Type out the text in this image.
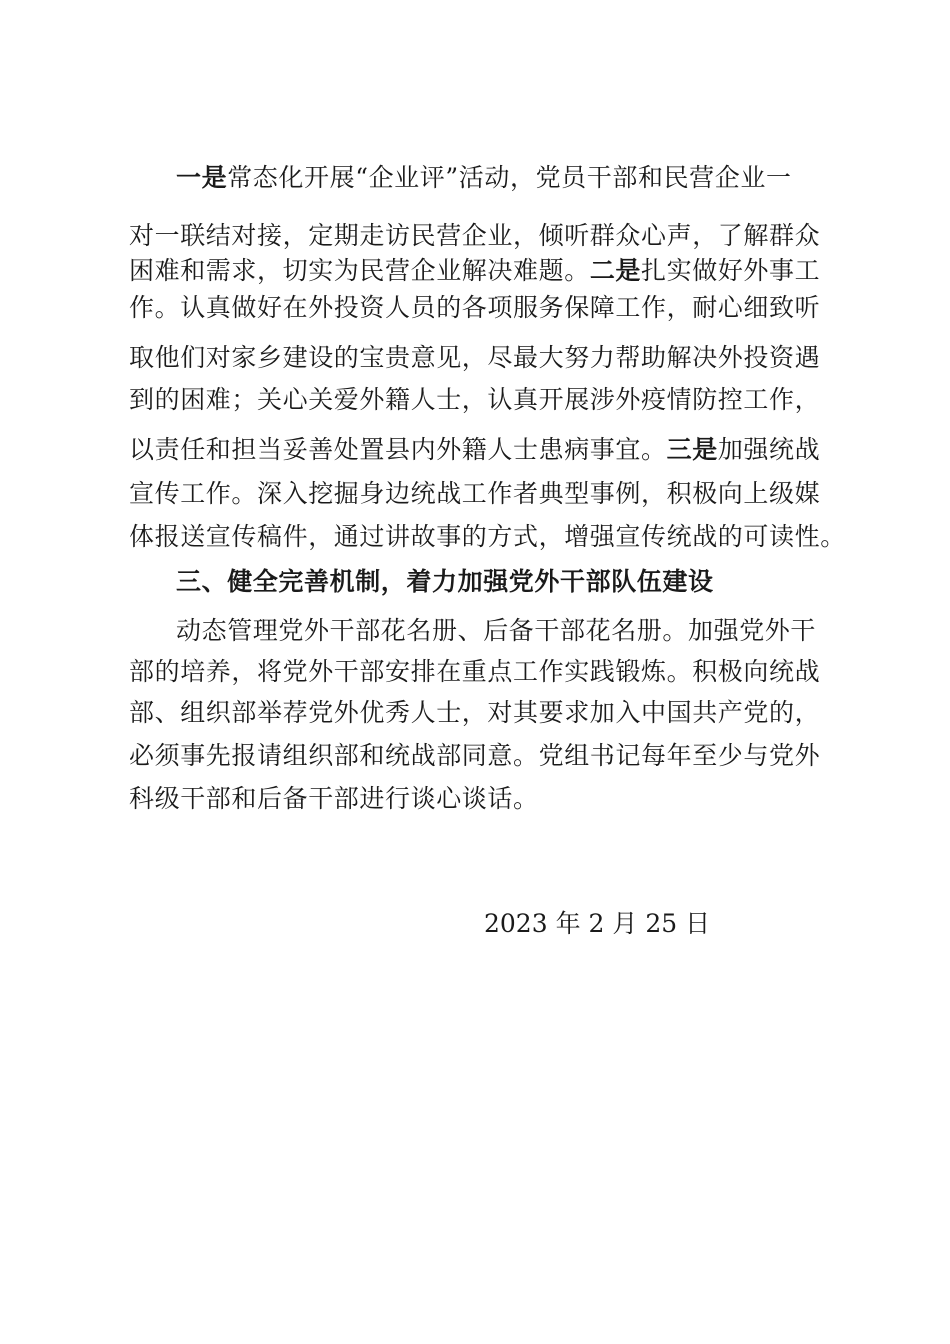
一是常态化开展“企业评”活动，党员干部和民营企业一
对一联结对接，定期走访民营企业，倾听群众心声，了解群众
困难和需求，切实为民营企业解决难题。二是扎实做好外事工
作。认真做好在外投资人员的各项服务保障工作，耐心细致听
取他们对家乡建设的宝贵意见，尽最大努力帮助解决外投资遇
到的困难；关心关爱外籍人士，认真开展涉外疫情防控工作，
以责任和担当妥善处置县内外籍人士患病事宜。三是加强统战
宣传工作。深入挖掘身边统战工作者典型事例，积极向上级媒
体报送宣传稿件，通过讲故事的方式，增强宣传统战的可读性。
三、健全完善机制，着力加强党外干部队伍建设
动态管理党外干部花名册、后备干部花名册。加强党外干
部的培养，将党外干部安排在重点工作实践锻炼。积极向统战
部、组织部举荐党外优秀人士，对其要求加入中国共产党的，
必须事先报请组织部和统战部同意。党组书记每年至少与党外
科级干部和后备干部进行谈心谈话。
2023 年 2 月 25 日
